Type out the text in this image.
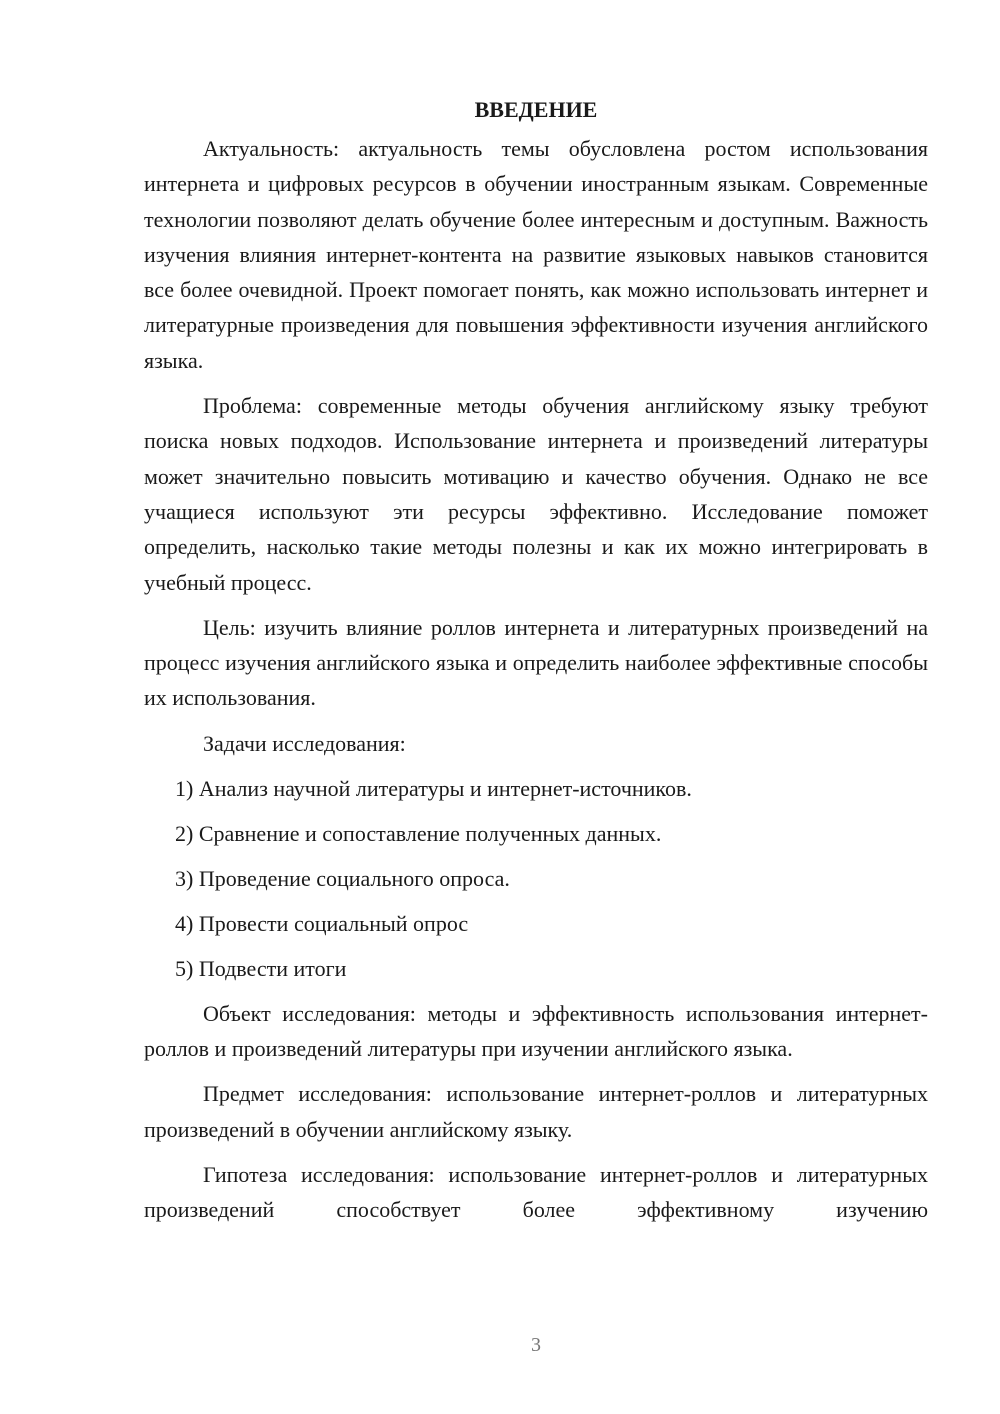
ВВЕДЕНИЕ

Актуальность: актуальность темы обусловлена ростом использования интернета и цифровых ресурсов в обучении иностранным языкам. Современные технологии позволяют делать обучение более интересным и доступным. Важность изучения влияния интернет-контента на развитие языковых навыков становится все более очевидной. Проект помогает понять, как можно использовать интернет и литературные произведения для повышения эффективности изучения английского языка.

Проблема: современные методы обучения английскому языку требуют поиска новых подходов. Использование интернета и произведений литературы может значительно повысить мотивацию и качество обучения. Однако не все учащиеся используют эти ресурсы эффективно. Исследование поможет определить, насколько такие методы полезны и как их можно интегрировать в учебный процесс.

Цель: изучить влияние роллов интернета и литературных произведений на процесс изучения английского языка и определить наиболее эффективные способы их использования.

Задачи исследования:
1) Анализ научной литературы и интернет-источников.
2) Сравнение и сопоставление полученных данных.
3) Проведение социального опроса.
4) Провести социальный опрос
5) Подвести итоги

Объект исследования: методы и эффективность использования интернет-роллов и произведений литературы при изучении английского языка.

Предмет исследования: использование интернет-роллов и литературных произведений в обучении английскому языку.

Гипотеза исследования: использование интернет-роллов и литературных произведений способствует более эффективному изучению

3
